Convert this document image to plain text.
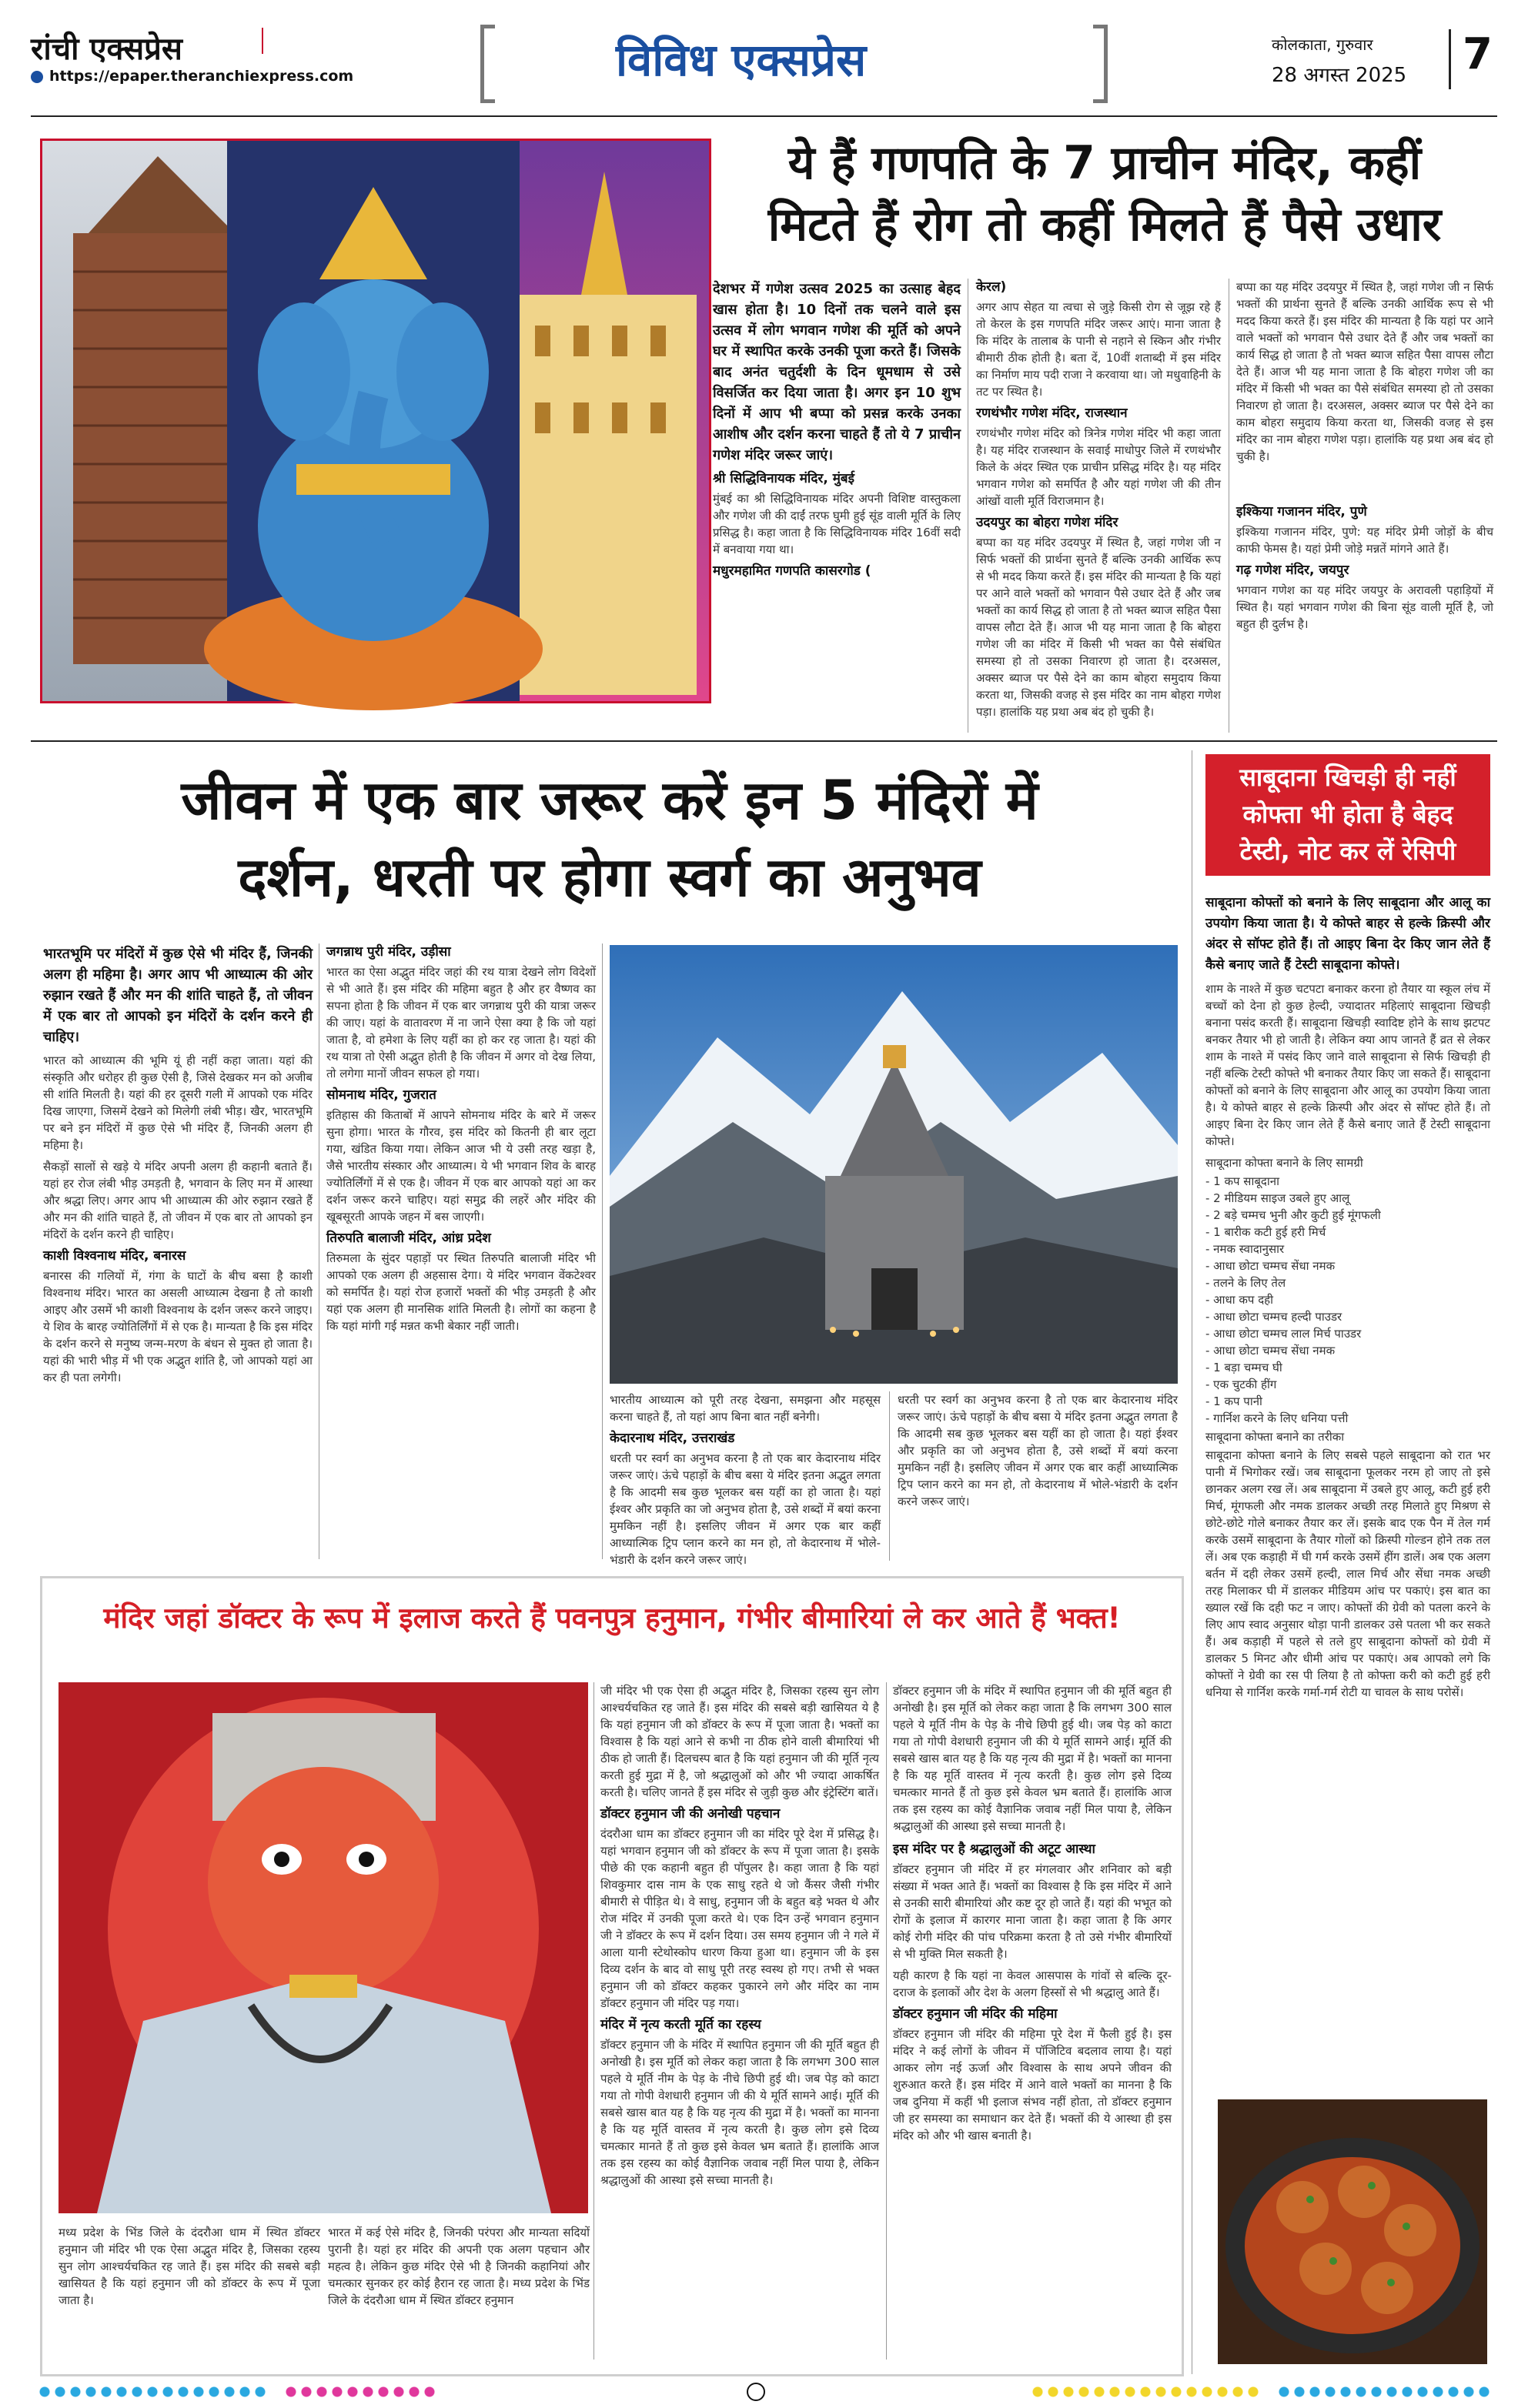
रांची एक्सप्रेस
https://epaper.theranchiexpress.com	विविध एक्सप्रेस	कोलकाता, गुरुवार
28 अगस्त 2025 7
ये हैं गणपति के 7 प्राचीन मंदिर, कहीं
मिटते हैं रोग तो कहीं मिलते हैं पैसे उधार

देशभर में गणेश उत्सव 2025 का उत्साह बेहद खास होता है। 10 दिनों तक चलने वाले इस उत्सव में लोग भगवान गणेश की मूर्ति को अपने घर में स्थापित करके उनकी पूजा करते हैं। जिसके बाद अनंत चतुर्दशी के दिन धूमधाम से उसे विसर्जित कर दिया जाता है। अगर इन 10 शुभ दिनों में आप भी बप्पा को प्रसन्न करके उनका आशीष और दर्शन करना चाहते हैं तो ये 7 प्राचीन गणेश मंदिर जरूर जाएं।

श्री सिद्धिविनायक मंदिर, मुंबई

मुंबई का श्री सिद्धिविनायक मंदिर अपनी विशिष्ट वास्तुकला और गणेश जी की दाईं तरफ घुमी हुई सूंड वाली मूर्ति के लिए प्रसिद्ध है। कहा जाता है कि सिद्धिविनायक मंदिर 16वीं सदी में बनवाया गया था।

मधुरमहामित गणपति कासरगोड (
केरल)

अगर आप सेहत या त्वचा से जुड़े किसी रोग से जूझ रहे हैं तो केरल के इस गणपति मंदिर जरूर आएं। माना जाता है कि मंदिर के तालाब के पानी से नहाने से स्किन और गंभीर बीमारी ठीक होती है। बता दें, 10वीं शताब्दी में इस मंदिर का निर्माण माय पदी राजा ने करवाया था। जो मधुवाहिनी के तट पर स्थित है।

रणथंभौर गणेश मंदिर, राजस्थान

रणथंभौर गणेश मंदिर को त्रिनेत्र गणेश मंदिर भी कहा जाता है। यह मंदिर राजस्थान के सवाई माधोपुर जिले में रणथंभौर किले के अंदर स्थित एक प्राचीन प्रसिद्ध मंदिर है। यह मंदिर भगवान गणेश को समर्पित है और यहां गणेश जी की तीन आंखों वाली मूर्ति विराजमान है।

उदयपुर का बोहरा गणेश मंदिर

बप्पा का यह मंदिर उदयपुर में स्थित है, जहां गणेश जी न सिर्फ भक्तों की प्रार्थना सुनते हैं बल्कि उनकी आर्थिक रूप से भी मदद किया करते हैं। इस मंदिर की मान्यता है कि यहां पर आने वाले भक्तों को भगवान पैसे उधार देते हैं और जब भक्तों का कार्य सिद्ध हो जाता है तो भक्त ब्याज सहित पैसा वापस लौटा देते हैं। आज भी यह माना जाता है कि बोहरा गणेश जी का मंदिर में किसी भी भक्त का पैसे संबंधित समस्या हो तो उसका निवारण हो जाता है। दरअसल, अक्सर ब्याज पर पैसे देने का काम बोहरा समुदाय किया करता था, जिसकी वजह से इस मंदिर का नाम बोहरा गणेश पड़ा। हालांकि यह प्रथा अब बंद हो चुकी है।

बप्पा का यह मंदिर उदयपुर में स्थित है, जहां गणेश जी न सिर्फ भक्तों की प्रार्थना सुनते हैं बल्कि उनकी आर्थिक रूप से भी मदद किया करते हैं। इस मंदिर की मान्यता है कि यहां पर आने वाले भक्तों को भगवान पैसे उधार देते हैं और जब भक्तों का कार्य सिद्ध हो जाता है तो भक्त ब्याज सहित पैसा वापस लौटा देते हैं। आज भी यह माना जाता है कि बोहरा गणेश जी का मंदिर में किसी भी भक्त का पैसे संबंधित समस्या हो तो उसका निवारण हो जाता है। दरअसल, अक्सर ब्याज पर पैसे देने का काम बोहरा समुदाय किया करता था, जिसकी वजह से इस मंदिर का नाम बोहरा गणेश पड़ा। हालांकि यह प्रथा अब बंद हो चुकी है।

इश्किया गजानन मंदिर, पुणे

इश्किया गजानन मंदिर, पुणे: यह मंदिर प्रेमी जोड़ों के बीच काफी फेमस है। यहां प्रेमी जोड़े मन्नतें मांगने आते हैं।

गढ़ गणेश मंदिर, जयपुर

भगवान गणेश का यह मंदिर जयपुर के अरावली पहाड़ियों में स्थित है। यहां भगवान गणेश की बिना सूंड वाली मूर्ति है, जो बहुत ही दुर्लभ है।

जीवन में एक बार जरूर करें इन 5 मंदिरों में
दर्शन, धरती पर होगा स्वर्ग का अनुभव

भारतभूमि पर मंदिरों में कुछ ऐसे भी मंदिर हैं, जिनकी अलग ही महिमा है। अगर आप भी आध्यात्म की ओर रुझान रखते हैं और मन की शांति चाहते हैं, तो जीवन में एक बार तो आपको इन मंदिरों के दर्शन करने ही चाहिए।

भारत को आध्यात्म की भूमि यूं ही नहीं कहा जाता। यहां की संस्कृति और धरोहर ही कुछ ऐसी है, जिसे देखकर मन को अजीब सी शांति मिलती है। यहां की हर दूसरी गली में आपको एक मंदिर दिख जाएगा, जिसमें देखने को मिलेगी लंबी भीड़। खैर, भारतभूमि पर बने इन मंदिरों में कुछ ऐसे भी मंदिर हैं, जिनकी अलग ही महिमा है।

सैकड़ों सालों से खड़े ये मंदिर अपनी अलग ही कहानी बताते हैं। यहां हर रोज लंबी भीड़ उमड़ती है, भगवान के लिए मन में आस्था और श्रद्धा लिए। अगर आप भी आध्यात्म की ओर रुझान रखते हैं और मन की शांति चाहते हैं, तो जीवन में एक बार तो आपको इन मंदिरों के दर्शन करने ही चाहिए।

काशी विश्वनाथ मंदिर, बनारस

बनारस की गलियों में, गंगा के घाटों के बीच बसा है काशी विश्वनाथ मंदिर। भारत का असली आध्यात्म देखना है तो काशी आइए और उसमें भी काशी विश्वनाथ के दर्शन जरूर करने जाइए। ये शिव के बारह ज्योतिर्लिंगों में से एक है। मान्यता है कि इस मंदिर के दर्शन करने से मनुष्य जन्म-मरण के बंधन से मुक्त हो जाता है। यहां की भारी भीड़ में भी एक अद्भुत शांति है, जो आपको यहां आ कर ही पता लगेगी।

जगन्नाथ पुरी मंदिर, उड़ीसा

भारत का ऐसा अद्भुत मंदिर जहां की रथ यात्रा देखने लोग विदेशों से भी आते हैं। इस मंदिर की महिमा बहुत है और हर वैष्णव का सपना होता है कि जीवन में एक बार जगन्नाथ पुरी की यात्रा जरूर की जाए। यहां के वातावरण में ना जाने ऐसा क्या है कि जो यहां जाता है, वो हमेशा के लिए यहीं का हो कर रह जाता है। यहां की रथ यात्रा तो ऐसी अद्भुत होती है कि जीवन में अगर वो देख लिया, तो लगेगा मानों जीवन सफल हो गया।

सोमनाथ मंदिर, गुजरात

इतिहास की किताबों में आपने सोमनाथ मंदिर के बारे में जरूर सुना होगा। भारत के गौरव, इस मंदिर को कितनी ही बार लूटा गया, खंडित किया गया। लेकिन आज भी ये उसी तरह खड़ा है, जैसे भारतीय संस्कार और आध्यात्म। ये भी भगवान शिव के बारह ज्योतिर्लिंगों में से एक है। जीवन में एक बार आपको यहां आ कर दर्शन जरूर करने चाहिए। यहां समुद्र की लहरें और मंदिर की खूबसूरती आपके जहन में बस जाएगी।

तिरुपति बालाजी मंदिर, आंध्र प्रदेश

तिरुमला के सुंदर पहाड़ों पर स्थित तिरुपति बालाजी मंदिर भी आपको एक अलग ही अहसास देगा। ये मंदिर भगवान वेंकटेश्वर को समर्पित है। यहां रोज हजारों भक्तों की भीड़ उमड़ती है और यहां एक अलग ही मानसिक शांति मिलती है। लोगों का कहना है कि यहां मांगी गई मन्नत कभी बेकार नहीं जाती।

भारतीय आध्यात्म को पूरी तरह देखना, समझना और महसूस करना चाहते हैं, तो यहां आप बिना बात नहीं बनेगी।

केदारनाथ मंदिर, उत्तराखंड

धरती पर स्वर्ग का अनुभव करना है तो एक बार केदारनाथ मंदिर जरूर जाएं। ऊंचे पहाड़ों के बीच बसा ये मंदिर इतना अद्भुत लगता है कि आदमी सब कुछ भूलकर बस यहीं का हो जाता है। यहां ईश्वर और प्रकृति का जो अनुभव होता है, उसे शब्दों में बयां करना मुमकिन नहीं है। इसलिए जीवन में अगर एक बार कहीं आध्यात्मिक ट्रिप प्लान करने का मन हो, तो केदारनाथ में भोले-भंडारी के दर्शन करने जरूर जाएं।

धरती पर स्वर्ग का अनुभव करना है तो एक बार केदारनाथ मंदिर जरूर जाएं। ऊंचे पहाड़ों के बीच बसा ये मंदिर इतना अद्भुत लगता है कि आदमी सब कुछ भूलकर बस यहीं का हो जाता है। यहां ईश्वर और प्रकृति का जो अनुभव होता है, उसे शब्दों में बयां करना मुमकिन नहीं है। इसलिए जीवन में अगर एक बार कहीं आध्यात्मिक ट्रिप प्लान करने का मन हो, तो केदारनाथ में भोले-भंडारी के दर्शन करने जरूर जाएं।

साबूदाना खिचड़ी ही नहीं
कोफ्ता भी होता है बेहद
टेस्टी, नोट कर लें रेसिपी

साबूदाना कोफ्तों को बनाने के लिए साबूदाना और आलू का उपयोग किया जाता है। ये कोफ्ते बाहर से हल्के क्रिस्पी और अंदर से सॉफ्ट होते हैं। तो आइए बिना देर किए जान लेते हैं कैसे बनाए जाते हैं टेस्टी साबूदाना कोफ्ते।

शाम के नाश्ते में कुछ चटपटा बनाकर करना हो तैयार या स्कूल लंच में बच्चों को देना हो कुछ हेल्दी, ज्यादातर महिलाएं साबूदाना खिचड़ी बनाना पसंद करती हैं। साबूदाना खिचड़ी स्वादिष्ट होने के साथ झटपट बनकर तैयार भी हो जाती है। लेकिन क्या आप जानते हैं व्रत से लेकर शाम के नाश्ते में पसंद किए जाने वाले साबूदाना से सिर्फ खिचड़ी ही नहीं बल्कि टेस्टी कोफ्ते भी बनाकर तैयार किए जा सकते हैं। साबूदाना कोफ्तों को बनाने के लिए साबूदाना और आलू का उपयोग किया जाता है। ये कोफ्ते बाहर से हल्के क्रिस्पी और अंदर से सॉफ्ट होते हैं। तो आइए बिना देर किए जान लेते हैं कैसे बनाए जाते हैं टेस्टी साबूदाना कोफ्ते।

साबूदाना कोफ्ता बनाने के लिए सामग्री
- 1 कप साबूदाना
- 2 मीडियम साइज उबले हुए आलू
- 2 बड़े चम्मच भुनी और कुटी हुई मूंगफली
- 1 बारीक कटी हुई हरी मिर्च
- नमक स्वादानुसार
- आधा छोटा चम्मच सेंधा नमक
- तलने के लिए तेल
- आधा कप दही
- आधा छोटा चम्मच हल्दी पाउडर
- आधा छोटा चम्मच लाल मिर्च पाउडर
- आधा छोटा चम्मच सेंधा नमक
- 1 बड़ा चम्मच घी
- एक चुटकी हींग
- 1 कप पानी
- गार्निश करने के लिए धनिया पत्ती
साबूदाना कोफ्ता बनाने का तरीका

साबूदाना कोफ्ता बनाने के लिए सबसे पहले साबूदाना को रात भर पानी में भिगोकर रखें। जब साबूदाना फूलकर नरम हो जाए तो इसे छानकर अलग रख लें। अब साबूदाना में उबले हुए आलू, कटी हुई हरी मिर्च, मूंगफली और नमक डालकर अच्छी तरह मिलाते हुए मिश्रण से छोटे-छोटे गोले बनाकर तैयार कर लें। इसके बाद एक पैन में तेल गर्म करके उसमें साबूदाना के तैयार गोलों को क्रिस्पी गोल्डन होने तक तल लें। अब एक कड़ाही में घी गर्म करके उसमें हींग डालें। अब एक अलग बर्तन में दही लेकर उसमें हल्दी, लाल मिर्च और सेंधा नमक अच्छी तरह मिलाकर घी में डालकर मीडियम आंच पर पकाएं। इस बात का ख्याल रखें कि दही फट न जाए। कोफ्तों की ग्रेवी को पतला करने के लिए आप स्वाद अनुसार थोड़ा पानी डालकर उसे पतला भी कर सकते हैं। अब कड़ाही में पहले से तले हुए साबूदाना कोफ्तों को ग्रेवी में डालकर 5 मिनट और धीमी आंच पर पकाएं। अब आपको लगे कि कोफ्तों ने ग्रेवी का रस पी लिया है तो कोफ्ता करी को कटी हुई हरी धनिया से गार्निश करके गर्मा-गर्म रोटी या चावल के साथ परोसें।

मंदिर जहां डॉक्टर के रूप में इलाज करते हैं पवनपुत्र हनुमान, गंभीर बीमारियां ले कर आते हैं भक्त!

मध्य प्रदेश के भिंड जिले के दंदरौआ धाम में स्थित डॉक्टर हनुमान जी मंदिर भी एक ऐसा अद्भुत मंदिर है, जिसका रहस्य सुन लोग आश्चर्यचकित रह जाते हैं। इस मंदिर की सबसे बड़ी खासियत है कि यहां हनुमान जी को डॉक्टर के रूप में पूजा जाता है।

भारत में कई ऐसे मंदिर है, जिनकी परंपरा और मान्यता सदियों पुरानी है। यहां हर मंदिर की अपनी एक अलग पहचान और महत्व है। लेकिन कुछ मंदिर ऐसे भी है जिनकी कहानियां और चमत्कार सुनकर हर कोई हैरान रह जाता है। मध्य प्रदेश के भिंड जिले के दंदरौआ धाम में स्थित डॉक्टर हनुमान

जी मंदिर भी एक ऐसा ही अद्भुत मंदिर है, जिसका रहस्य सुन लोग आश्चर्यचकित रह जाते हैं। इस मंदिर की सबसे बड़ी खासियत ये है कि यहां हनुमान जी को डॉक्टर के रूप में पूजा जाता है। भक्तों का विश्वास है कि यहां आने से कभी ना ठीक होने वाली बीमारियां भी ठीक हो जाती हैं। दिलचस्प बात है कि यहां हनुमान जी की मूर्ति नृत्य करती हुई मुद्रा में है, जो श्रद्धालुओं को और भी ज्यादा आकर्षित करती है। चलिए जानते हैं इस मंदिर से जुड़ी कुछ और इंट्रेस्टिंग बातें।

डॉक्टर हनुमान जी की अनोखी पहचान

दंदरौआ धाम का डॉक्टर हनुमान जी का मंदिर पूरे देश में प्रसिद्ध है। यहां भगवान हनुमान जी को डॉक्टर के रूप में पूजा जाता है। इसके पीछे की एक कहानी बहुत ही पॉपुलर है। कहा जाता है कि यहां शिवकुमार दास नाम के एक साधु रहते थे जो कैंसर जैसी गंभीर बीमारी से पीड़ित थे। वे साधु, हनुमान जी के बहुत बड़े भक्त थे और रोज मंदिर में उनकी पूजा करते थे। एक दिन उन्हें भगवान हनुमान जी ने डॉक्टर के रूप में दर्शन दिया। उस समय हनुमान जी ने गले में आला यानी स्टेथोस्कोप धारण किया हुआ था। हनुमान जी के इस दिव्य दर्शन के बाद वो साधु पूरी तरह स्वस्थ हो गए। तभी से भक्त हनुमान जी को डॉक्टर कहकर पुकारने लगे और मंदिर का नाम डॉक्टर हनुमान जी मंदिर पड़ गया।

मंदिर में नृत्य करती मूर्ति का रहस्य

डॉक्टर हनुमान जी के मंदिर में स्थापित हनुमान जी की मूर्ति बहुत ही अनोखी है। इस मूर्ति को लेकर कहा जाता है कि लगभग 300 साल पहले ये मूर्ति नीम के पेड़ के नीचे छिपी हुई थी। जब पेड़ को काटा गया तो गोपी वेशधारी हनुमान जी की ये मूर्ति सामने आई। मूर्ति की सबसे खास बात यह है कि यह नृत्य की मुद्रा में है। भक्तों का मानना है कि यह मूर्ति वास्तव में नृत्य करती है। कुछ लोग इसे दिव्य चमत्कार मानते हैं तो कुछ इसे केवल भ्रम बताते हैं। हालांकि आज तक इस रहस्य का कोई वैज्ञानिक जवाब नहीं मिल पाया है, लेकिन श्रद्धालुओं की आस्था इसे सच्चा मानती है।

डॉक्टर हनुमान जी के मंदिर में स्थापित हनुमान जी की मूर्ति बहुत ही अनोखी है। इस मूर्ति को लेकर कहा जाता है कि लगभग 300 साल पहले ये मूर्ति नीम के पेड़ के नीचे छिपी हुई थी। जब पेड़ को काटा गया तो गोपी वेशधारी हनुमान जी की ये मूर्ति सामने आई। मूर्ति की सबसे खास बात यह है कि यह नृत्य की मुद्रा में है। भक्तों का मानना है कि यह मूर्ति वास्तव में नृत्य करती है। कुछ लोग इसे दिव्य चमत्कार मानते हैं तो कुछ इसे केवल भ्रम बताते हैं। हालांकि आज तक इस रहस्य का कोई वैज्ञानिक जवाब नहीं मिल पाया है, लेकिन श्रद्धालुओं की आस्था इसे सच्चा मानती है।

इस मंदिर पर है श्रद्धालुओं की अटूट आस्था

डॉक्टर हनुमान जी मंदिर में हर मंगलवार और शनिवार को बड़ी संख्या में भक्त आते हैं। भक्तों का विश्वास है कि इस मंदिर में आने से उनकी सारी बीमारियां और कष्ट दूर हो जाते हैं। यहां की भभूत को रोगों के इलाज में कारगर माना जाता है। कहा जाता है कि अगर कोई रोगी मंदिर की पांच परिक्रमा करता है तो उसे गंभीर बीमारियों से भी मुक्ति मिल सकती है।

यही कारण है कि यहां ना केवल आसपास के गांवों से बल्कि दूर-दराज के इलाकों और देश के अलग हिस्सों से भी श्रद्धालु आते हैं।

डॉक्टर हनुमान जी मंदिर की महिमा

डॉक्टर हनुमान जी मंदिर की महिमा पूरे देश में फैली हुई है। इस मंदिर ने कई लोगों के जीवन में पॉजिटिव बदलाव लाया है। यहां आकर लोग नई ऊर्जा और विश्वास के साथ अपने जीवन की शुरुआत करते हैं। इस मंदिर में आने वाले भक्तों का मानना है कि जब दुनिया में कहीं भी इलाज संभव नहीं होता, तो डॉक्टर हनुमान जी हर समस्या का समाधान कर देते हैं। भक्तों की ये आस्था ही इस मंदिर को और भी खास बनाती है।
